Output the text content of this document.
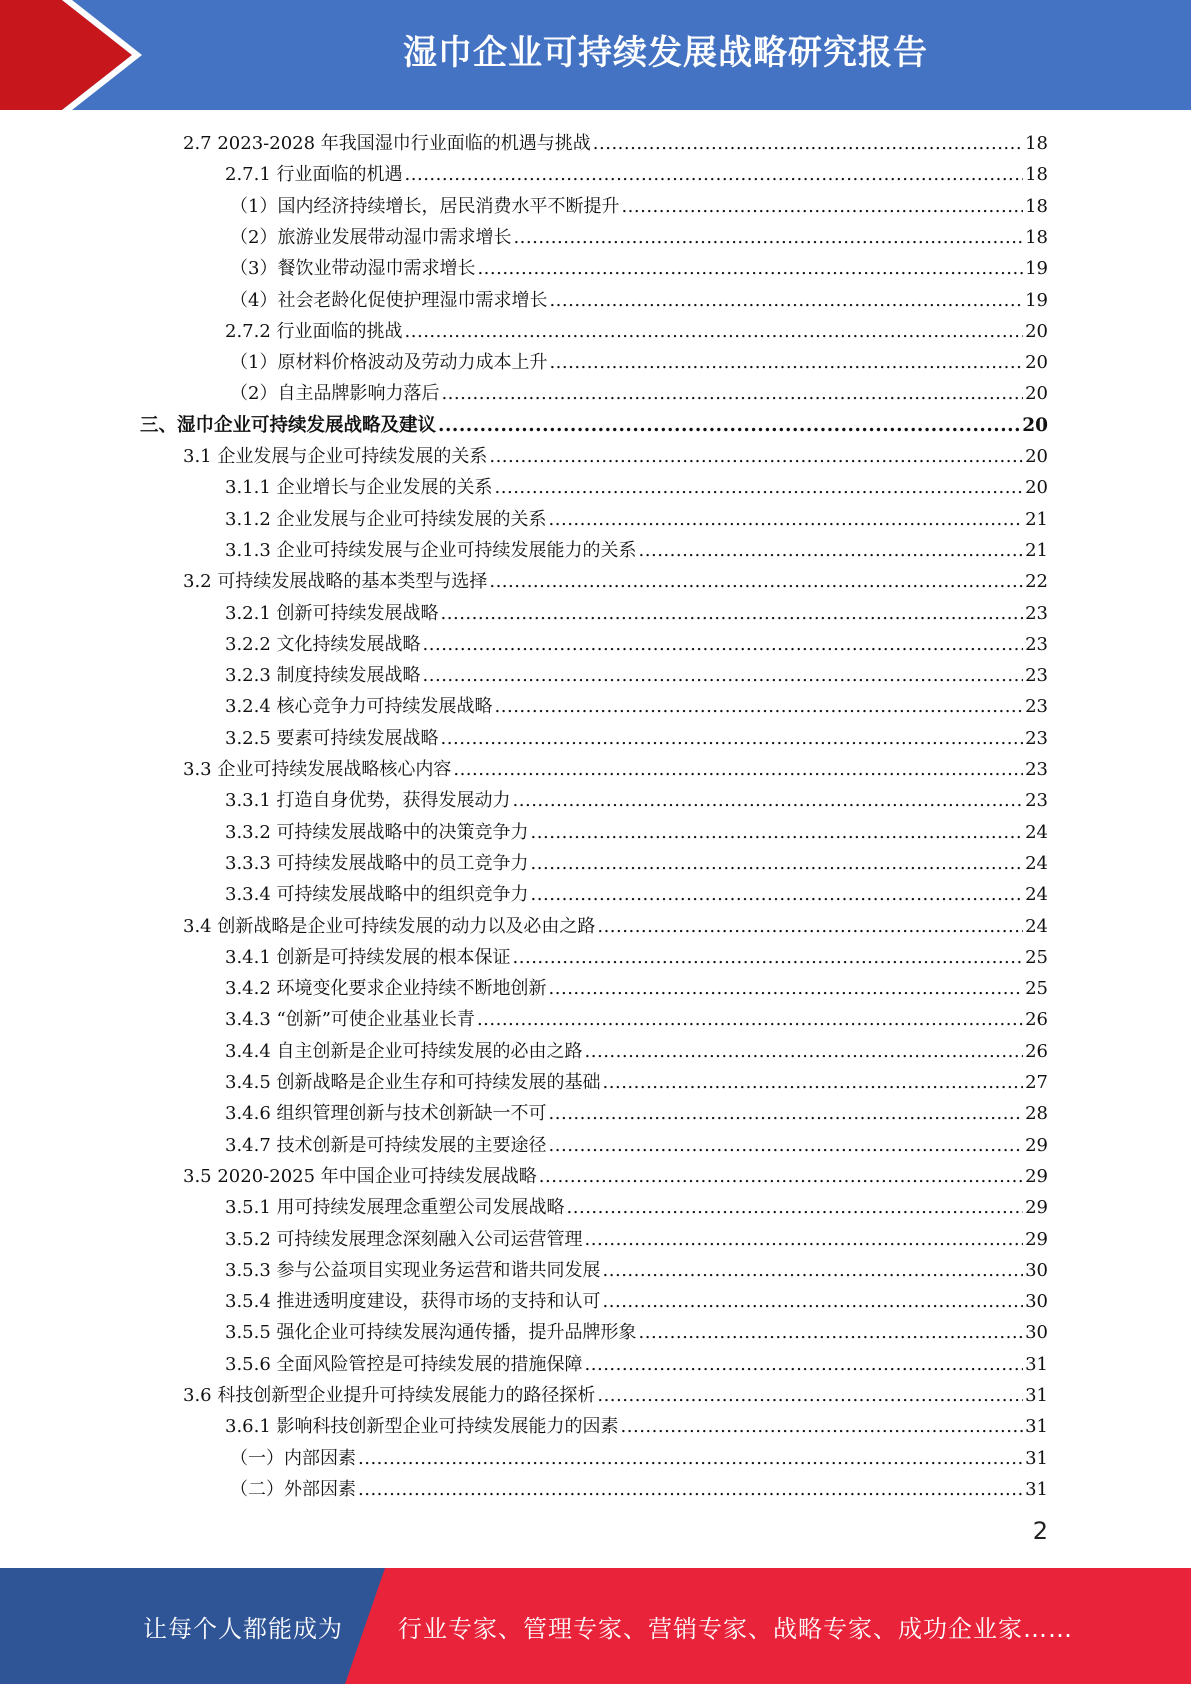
湿巾企业可持续发展战略研究报告
2.7 2023-2028 年我国湿巾行业面临的机遇与挑战 .....	18
2.7.1 行业面临的机遇 .....	18
（1）国内经济持续增长，居民消费水平不断提升 .....	18
（2）旅游业发展带动湿巾需求增长 .....	18
（3）餐饮业带动湿巾需求增长 .....	19
（4）社会老龄化促使护理湿巾需求增长 .....	19
2.7.2 行业面临的挑战 .....	20
（1）原材料价格波动及劳动力成本上升 .....	20
（2）自主品牌影响力落后 .....	20
三、湿巾企业可持续发展战略及建议 .....	20
3.1 企业发展与企业可持续发展的关系 .....	20
3.1.1 企业增长与企业发展的关系 .....	20
3.1.2 企业发展与企业可持续发展的关系 .....	21
3.1.3 企业可持续发展与企业可持续发展能力的关系 .....	21
3.2 可持续发展战略的基本类型与选择 .....	22
3.2.1 创新可持续发展战略 .....	23
3.2.2 文化持续发展战略 .....	23
3.2.3 制度持续发展战略 .....	23
3.2.4 核心竞争力可持续发展战略 .....	23
3.2.5 要素可持续发展战略 .....	23
3.3 企业可持续发展战略核心内容 .....	23
3.3.1 打造自身优势，获得发展动力 .....	23
3.3.2 可持续发展战略中的决策竞争力 .....	24
3.3.3 可持续发展战略中的员工竞争力 .....	24
3.3.4 可持续发展战略中的组织竞争力 .....	24
3.4 创新战略是企业可持续发展的动力以及必由之路 .....	24
3.4.1 创新是可持续发展的根本保证 .....	25
3.4.2 环境变化要求企业持续不断地创新 .....	25
3.4.3 “创新”可使企业基业长青 .....	26
3.4.4 自主创新是企业可持续发展的必由之路 .....	26
3.4.5 创新战略是企业生存和可持续发展的基础 .....	27
3.4.6 组织管理创新与技术创新缺一不可 .....	28
3.4.7 技术创新是可持续发展的主要途径 .....	29
3.5 2020-2025 年中国企业可持续发展战略 .....	29
3.5.1 用可持续发展理念重塑公司发展战略 .....	29
3.5.2 可持续发展理念深刻融入公司运营管理 .....	29
3.5.3 参与公益项目实现业务运营和谐共同发展 .....	30
3.5.4 推进透明度建设，获得市场的支持和认可 .....	30
3.5.5 强化企业可持续发展沟通传播，提升品牌形象 .....	30
3.5.6 全面风险管控是可持续发展的措施保障 .....	31
3.6 科技创新型企业提升可持续发展能力的路径探析 .....	31
3.6.1 影响科技创新型企业可持续发展能力的因素 .....	31
（一）内部因素 .....	31
（二）外部因素 .....	31
2
让每个人都能成为 行业专家、管理专家、营销专家、战略专家、成功企业家……
